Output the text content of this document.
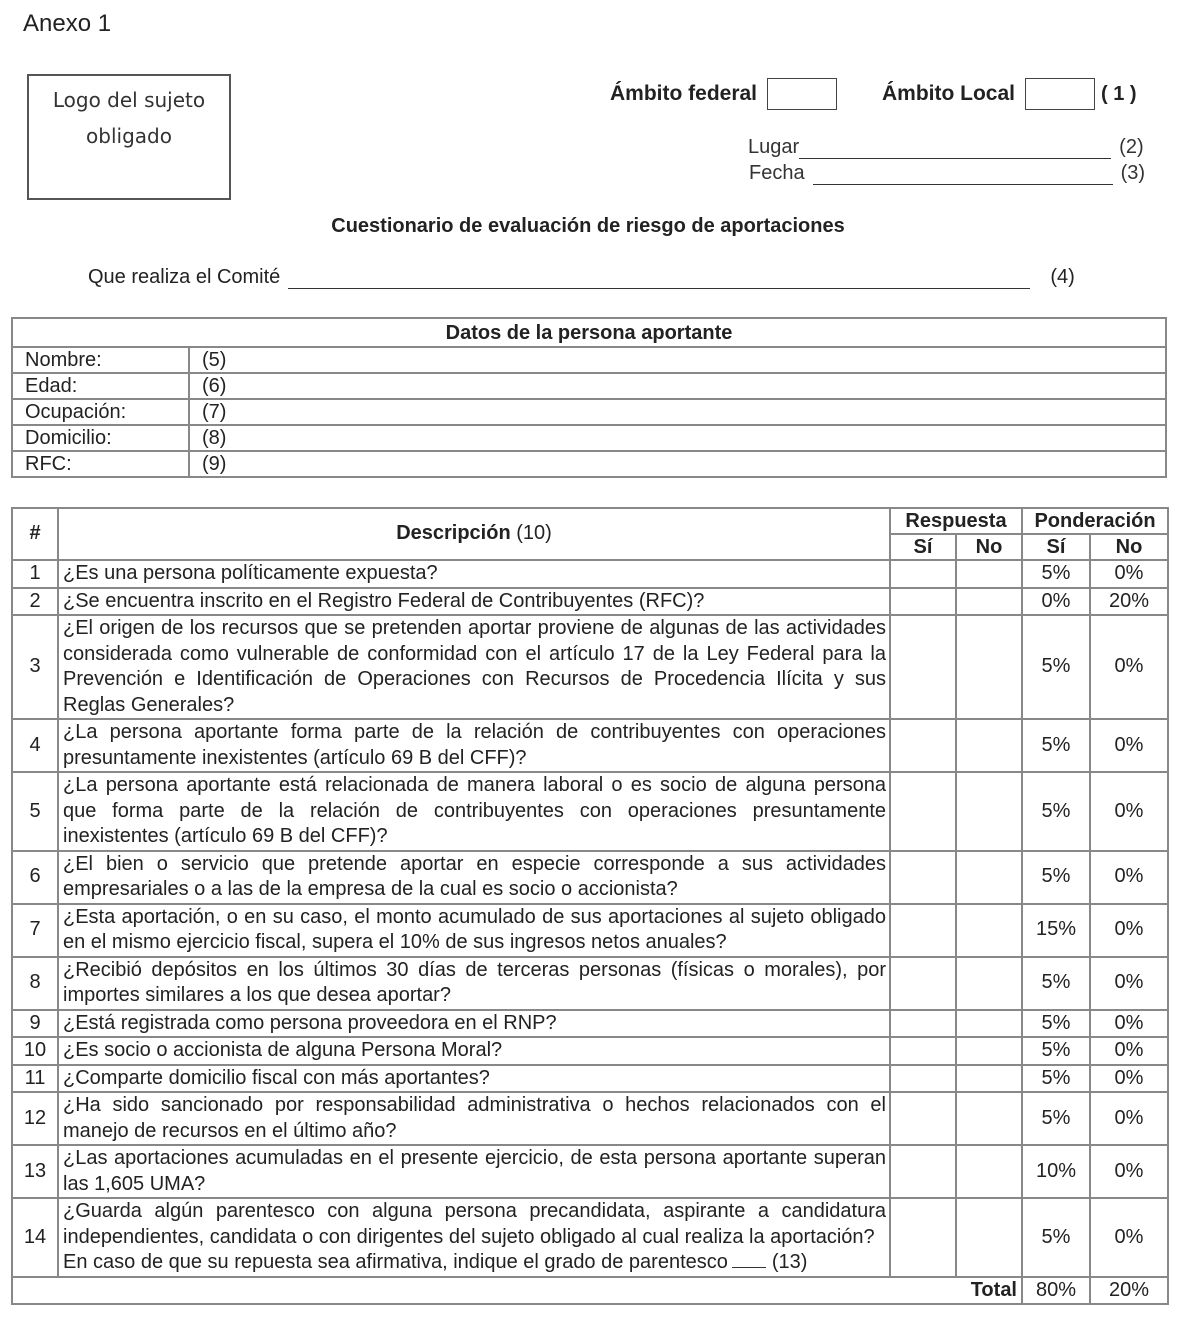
Anexo 1
Logo del sujeto obligado
Ámbito federal	Ámbito Local	( 1 )
Lugar	(2)
Fecha	(3)
Cuestionario de evaluación de riesgo de aportaciones
Que realiza el Comité	(4)
Datos de la persona aportante	
Nombre:	(5)
Edad:	(6)
Ocupación:	(7)
Domicilio:	(8)
RFC:	(9)
#	Descripción (10)	Respuesta		Ponderación	
		Sí	No	Sí	No
1	¿Es una persona políticamente expuesta?			5%	0%
2	¿Se encuentra inscrito en el Registro Federal de Contribuyentes (RFC)?			0%	20%
3	¿El origen de los recursos que se pretenden aportar proviene de algunas de las actividades considerada como vulnerable de conformidad con el artículo 17 de la Ley Federal para la Prevención e Identificación de Operaciones con Recursos de Procedencia Ilícita y sus Reglas Generales?			5%	0%
4	¿La persona aportante forma parte de la relación de contribuyentes con operaciones presuntamente inexistentes (artículo 69 B del CFF)?			5%	0%
5	¿La persona aportante está relacionada de manera laboral o es socio de alguna persona que forma parte de la relación de contribuyentes con operaciones presuntamente inexistentes (artículo 69 B del CFF)?			5%	0%
6	¿El bien o servicio que pretende aportar en especie corresponde a sus actividades empresariales o a las de la empresa de la cual es socio o accionista?			5%	0%
7	¿Esta aportación, o en su caso, el monto acumulado de sus aportaciones al sujeto obligado en el mismo ejercicio fiscal, supera el 10% de sus ingresos netos anuales?			15%	0%
8	¿Recibió depósitos en los últimos 30 días de terceras personas (físicas o morales), por importes similares a los que desea aportar?			5%	0%
9	¿Está registrada como persona proveedora en el RNP?			5%	0%
10	¿Es socio o accionista de alguna Persona Moral?			5%	0%
11	¿Comparte domicilio fiscal con más aportantes?			5%	0%
12	¿Ha sido sancionado por responsabilidad administrativa o hechos relacionados con el manejo de recursos en el último año?			5%	0%
13	¿Las aportaciones acumuladas en el presente ejercicio, de esta persona aportante superan las 1,605 UMA?			10%	0%
14	¿Guarda algún parentesco con alguna persona precandidata, aspirante a candidatura independientes, candidata o con dirigentes del sujeto obligado al cual realiza la aportación?
En caso de que su repuesta sea afirmativa, indique el grado de parentesco (13)			5%	0%
Total				80%	20%
